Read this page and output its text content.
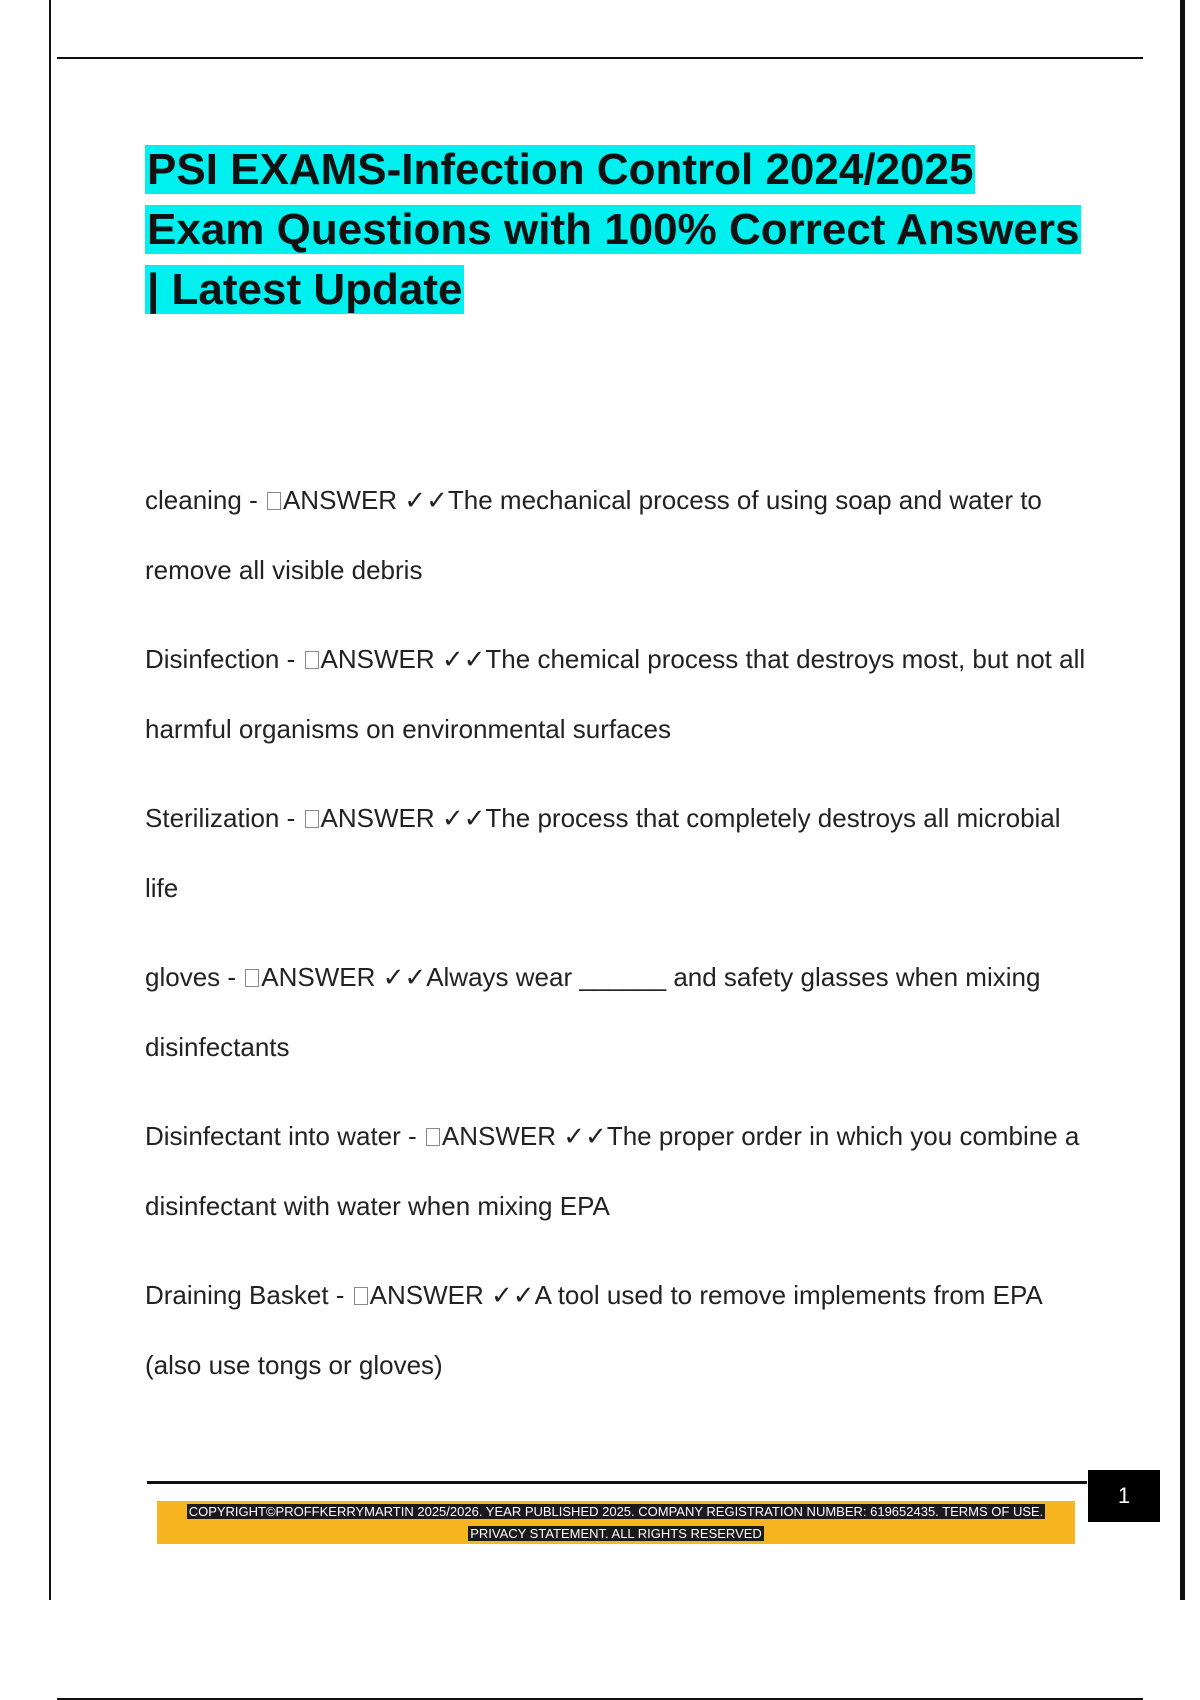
PSI EXAMS-Infection Control 2024/2025 Exam Questions with 100% Correct Answers | Latest Update

cleaning - ANSWER ✓✓The mechanical process of using soap and water to remove all visible debris

Disinfection - ANSWER ✓✓The chemical process that destroys most, but not all harmful organisms on environmental surfaces

Sterilization - ANSWER ✓✓The process that completely destroys all microbial life

gloves - ANSWER ✓✓Always wear ______ and safety glasses when mixing disinfectants

Disinfectant into water - ANSWER ✓✓The proper order in which you combine a disinfectant with water when mixing EPA

Draining Basket - ANSWER ✓✓A tool used to remove implements from EPA (also use tongs or gloves)

1
COPYRIGHT©PROFFKERRYMARTIN 2025/2026. YEAR PUBLISHED 2025. COMPANY REGISTRATION NUMBER: 619652435. TERMS OF USE. PRIVACY STATEMENT. ALL RIGHTS RESERVED
